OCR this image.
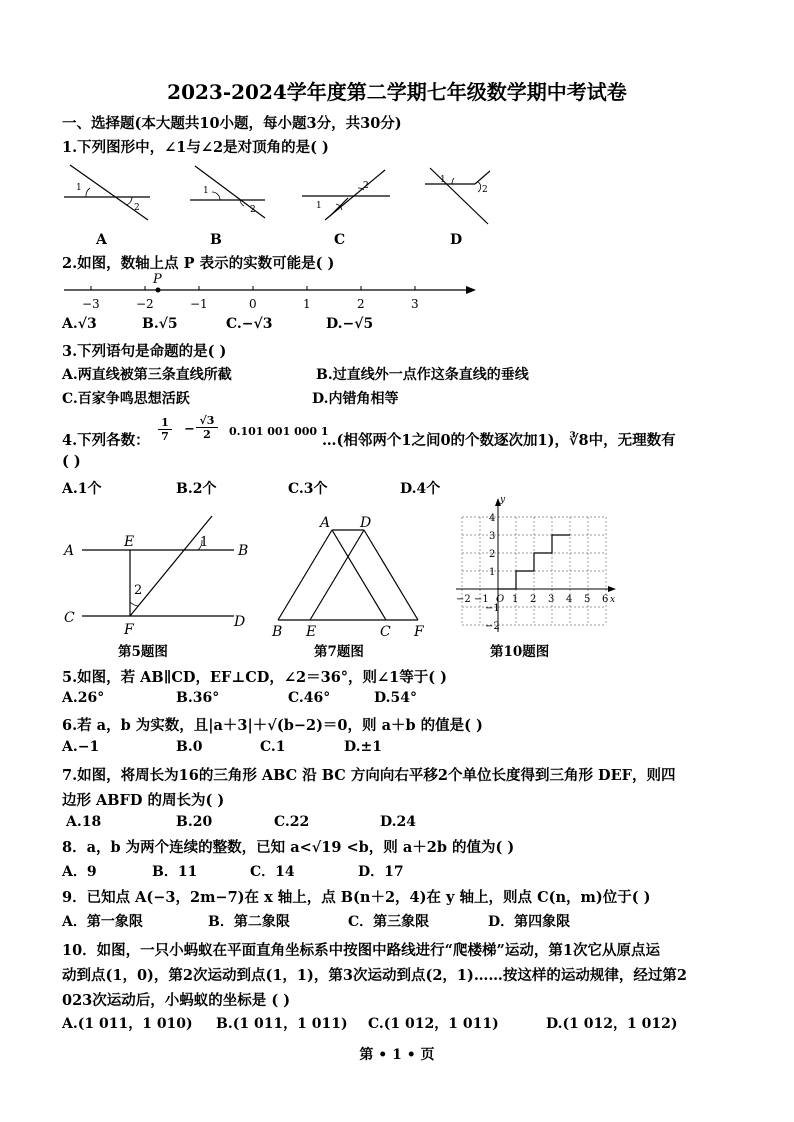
2023-2024学年度第二学期七年级数学期中考试卷
一、选择题(本大题共10小题，每小题3分，共30分)
1.下列图形中，∠1与∠2是对顶角的是( )
1
2
1
2	1
2
1
2
A	B	C	D
2.如图，数轴上点 P 表示的实数可能是( )
P
−3	−2	−1	0	1	2	3
A.√3	B.√5	C.−√3	D.−√5
3.下列语句是命题的是( )
A.两直线被第三条直线所截	B.过直线外一点作这条直线的垂线
C.百家争鸣思想活跃	D.内错角相等
4.下列各数：
1
7 −
√3
2	0.101 001 000 1
…(相邻两个1之间0的个数逐次加1)，∛8中，无理数有
( )
A.1个	B.2个	C.3个	D.4个
A	B
C	D
E
F
1
2
第5题图
A D
B E	C F
第7题图
y
x
4
3
2
1
−1
−2
−2 −1 O 1 2 3 4 5 6
第10题图
5.如图，若 AB∥CD，EF⊥CD，∠2＝36°，则∠1等于( )
A.26°	B.36°	C.46°	D.54°
6.若 a，b 为实数，且|a＋3|＋√(b−2)＝0，则 a＋b 的值是( )
A.−1	B.0	C.1	D.±1
7.如图，将周长为16的三角形 ABC 沿 BC 方向向右平移2个单位长度得到三角形 DEF，则四
边形 ABFD 的周长为( )
A.18	B.20	C.22	D.24
8．a，b 为两个连续的整数，已知 a<√19 <b，则 a＋2b 的值为( )
A．9	B．11	C．14	D．17
9．已知点 A(−3，2m−7)在 x 轴上，点 B(n＋2，4)在 y 轴上，则点 C(n，m)位于( )
A．第一象限	B．第二象限	C．第三象限	D．第四象限
10．如图，一只小蚂蚁在平面直角坐标系中按图中路线进行“爬楼梯”运动，第1次它从原点运
动到点(1，0)，第2次运动到点(1，1)，第3次运动到点(2，1)……按这样的运动规律，经过第2
023次运动后，小蚂蚁的坐标是 ( )
A.(1 011，1 010) B.(1 011，1 011) C.(1 012，1 011)	D.(1 012，1 012)
第 • 1 • 页
